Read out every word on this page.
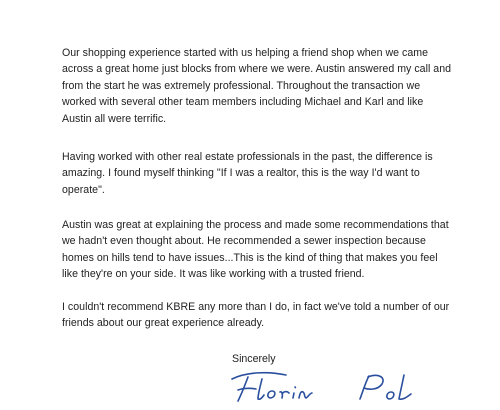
Our shopping experience started with us helping a friend shop when we came across a great home just blocks from where we were. Austin answered my call and from the start he was extremely professional. Throughout the transaction we worked with several other team members including Michael and Karl and like Austin all were terrific.

Having worked with other real estate professionals in the past, the difference is amazing. I found myself thinking "If I was a realtor, this is the way I'd want to operate".

Austin was great at explaining the process and made some recommendations that we hadn't even thought about. He recommended a sewer inspection because homes on hills tend to have issues...This is the kind of thing that makes you feel like they're on your side. It was like working with a trusted friend.

I couldn't recommend KBRE any more than I do, in fact we've told a number of our friends about our great experience already.

Sincerely
